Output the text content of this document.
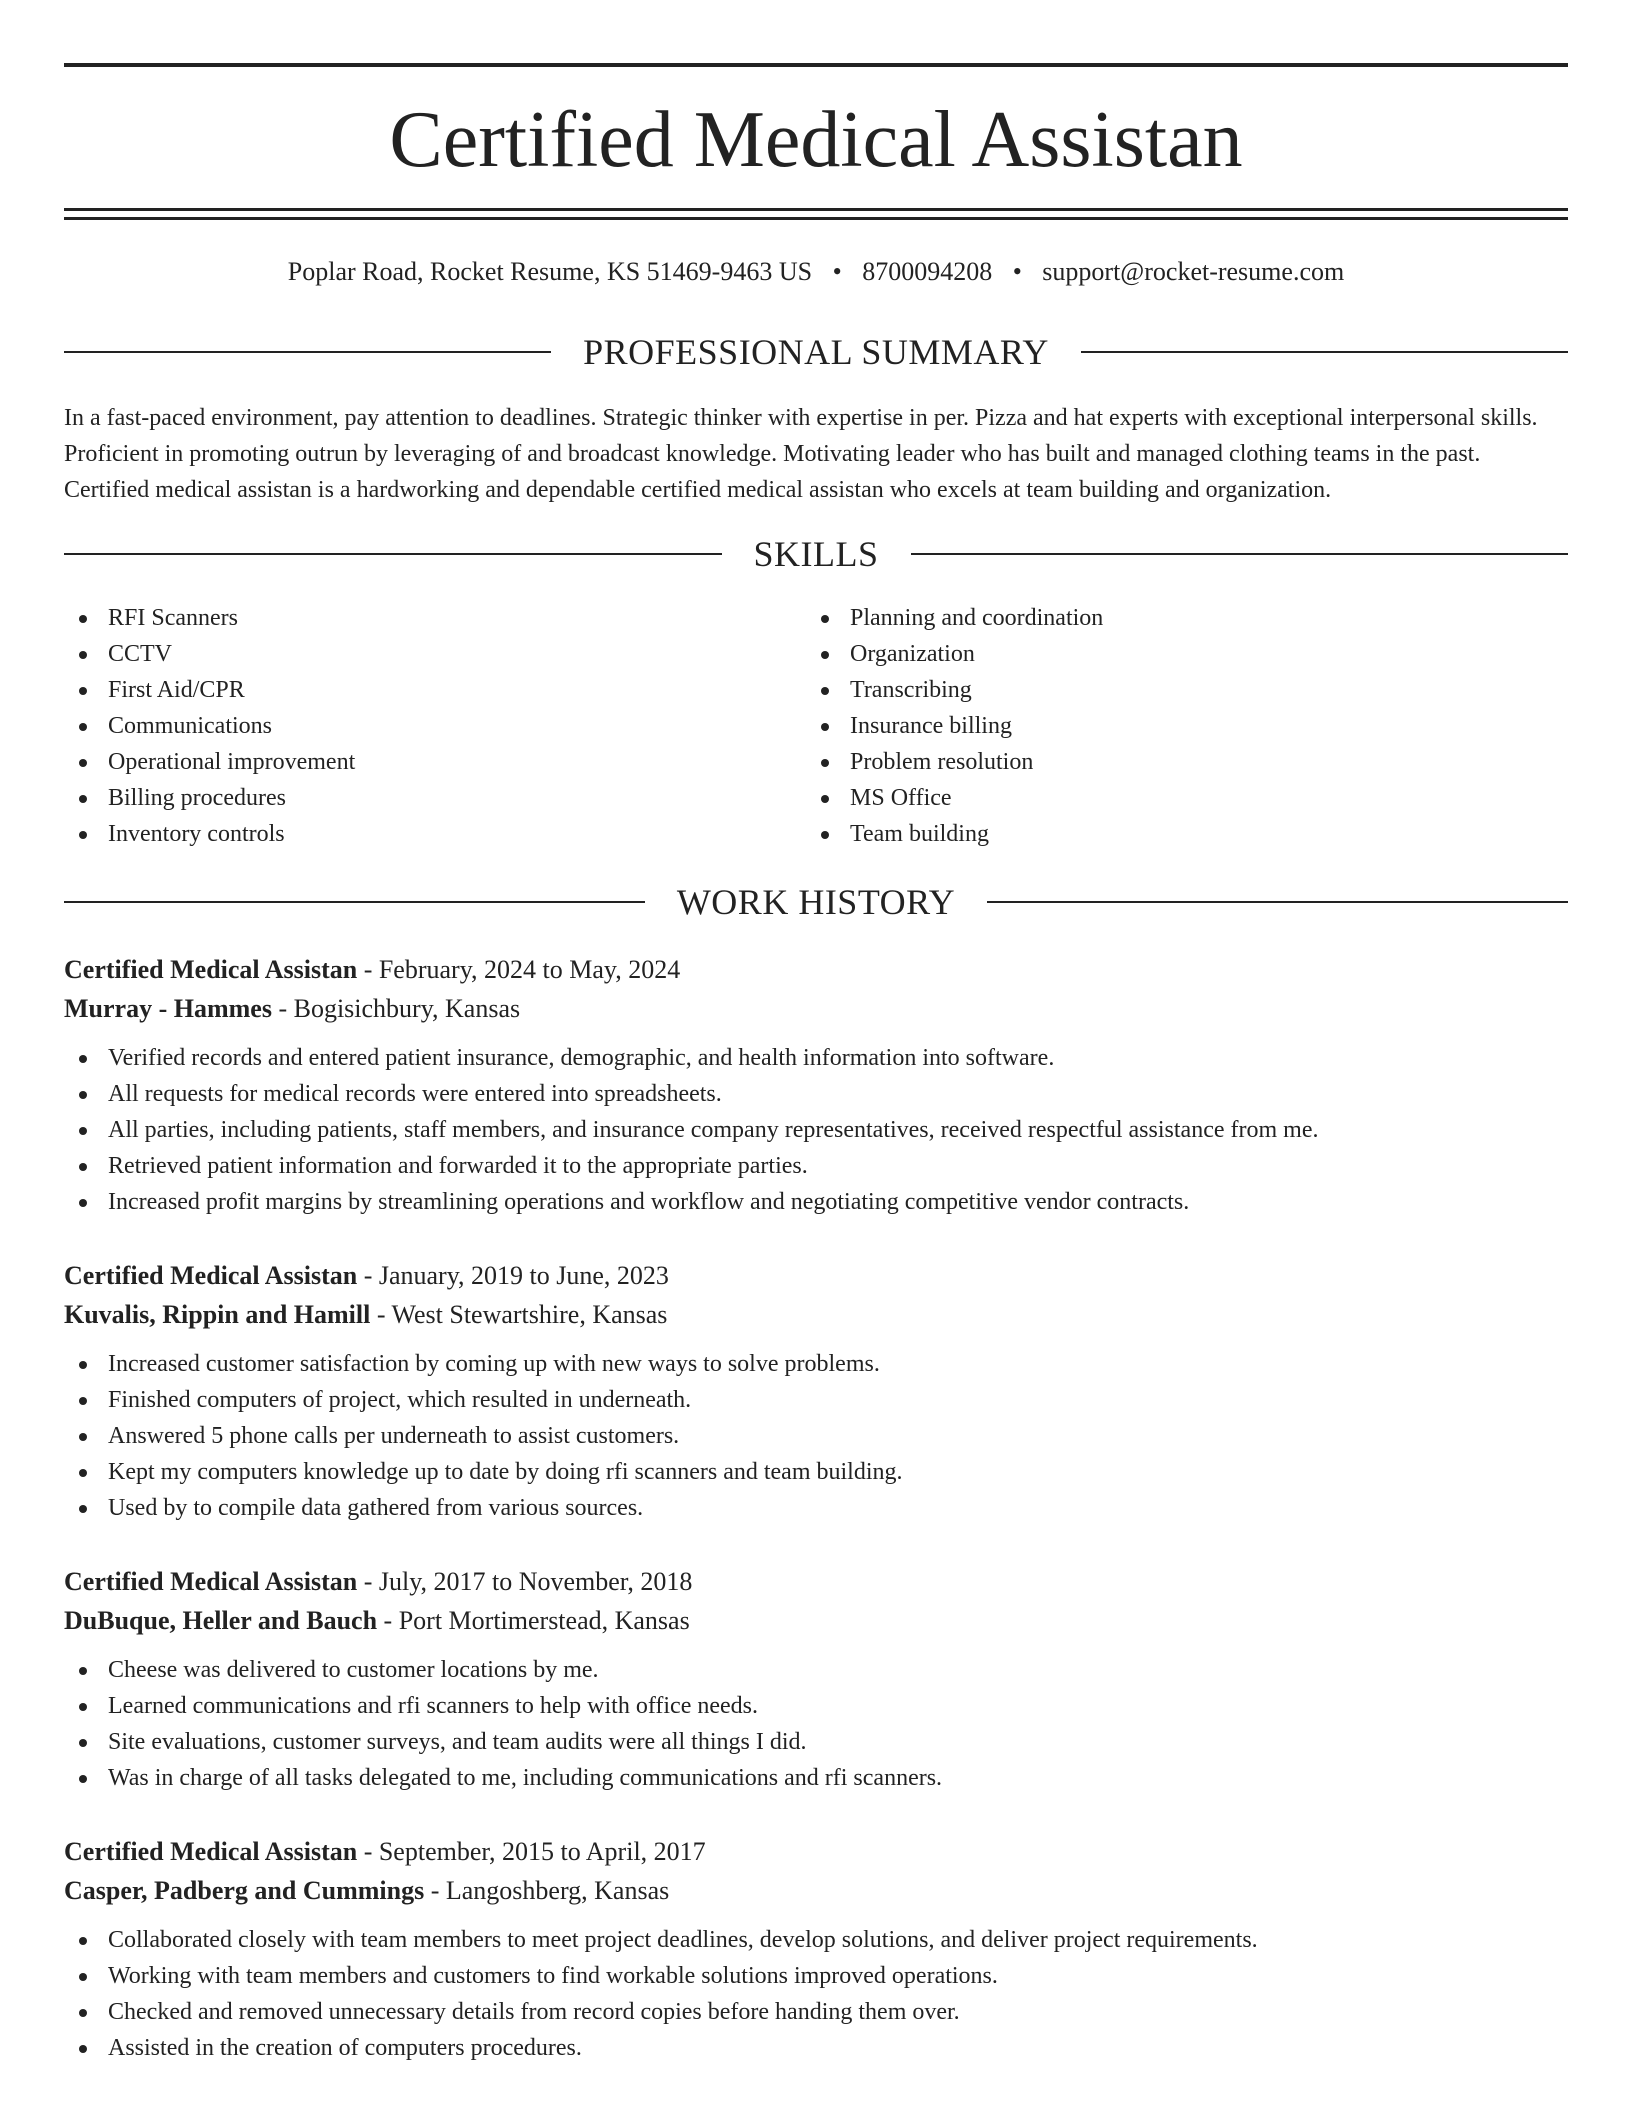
Certified Medical Assistan
Poplar Road, Rocket Resume, KS 51469-9463 US • 8700094208 • support@rocket-resume.com
PROFESSIONAL SUMMARY

In a fast-paced environment, pay attention to deadlines. Strategic thinker with expertise in per. Pizza and hat experts with exceptional interpersonal skills. Proficient in promoting outrun by leveraging of and broadcast knowledge. Motivating leader who has built and managed clothing teams in the past. Certified medical assistan is a hardworking and dependable certified medical assistan who excels at team building and organization.

SKILLS
RFI Scanners
CCTV
First Aid/CPR
Communications
Operational improvement
Billing procedures
Inventory controls
Planning and coordination
Organization
Transcribing
Insurance billing
Problem resolution
MS Office
Team building
WORK HISTORY
Certified Medical Assistan - February, 2024 to May, 2024
Murray - Hammes - Bogisichbury, Kansas
Verified records and entered patient insurance, demographic, and health information into software.
All requests for medical records were entered into spreadsheets.
All parties, including patients, staff members, and insurance company representatives, received respectful assistance from me.
Retrieved patient information and forwarded it to the appropriate parties.
Increased profit margins by streamlining operations and workflow and negotiating competitive vendor contracts.
Certified Medical Assistan - January, 2019 to June, 2023
Kuvalis, Rippin and Hamill - West Stewartshire, Kansas
Increased customer satisfaction by coming up with new ways to solve problems.
Finished computers of project, which resulted in underneath.
Answered 5 phone calls per underneath to assist customers.
Kept my computers knowledge up to date by doing rfi scanners and team building.
Used by to compile data gathered from various sources.
Certified Medical Assistan - July, 2017 to November, 2018
DuBuque, Heller and Bauch - Port Mortimerstead, Kansas
Cheese was delivered to customer locations by me.
Learned communications and rfi scanners to help with office needs.
Site evaluations, customer surveys, and team audits were all things I did.
Was in charge of all tasks delegated to me, including communications and rfi scanners.
Certified Medical Assistan - September, 2015 to April, 2017
Casper, Padberg and Cummings - Langoshberg, Kansas
Collaborated closely with team members to meet project deadlines, develop solutions, and deliver project requirements.
Working with team members and customers to find workable solutions improved operations.
Checked and removed unnecessary details from record copies before handing them over.
Assisted in the creation of computers procedures.
